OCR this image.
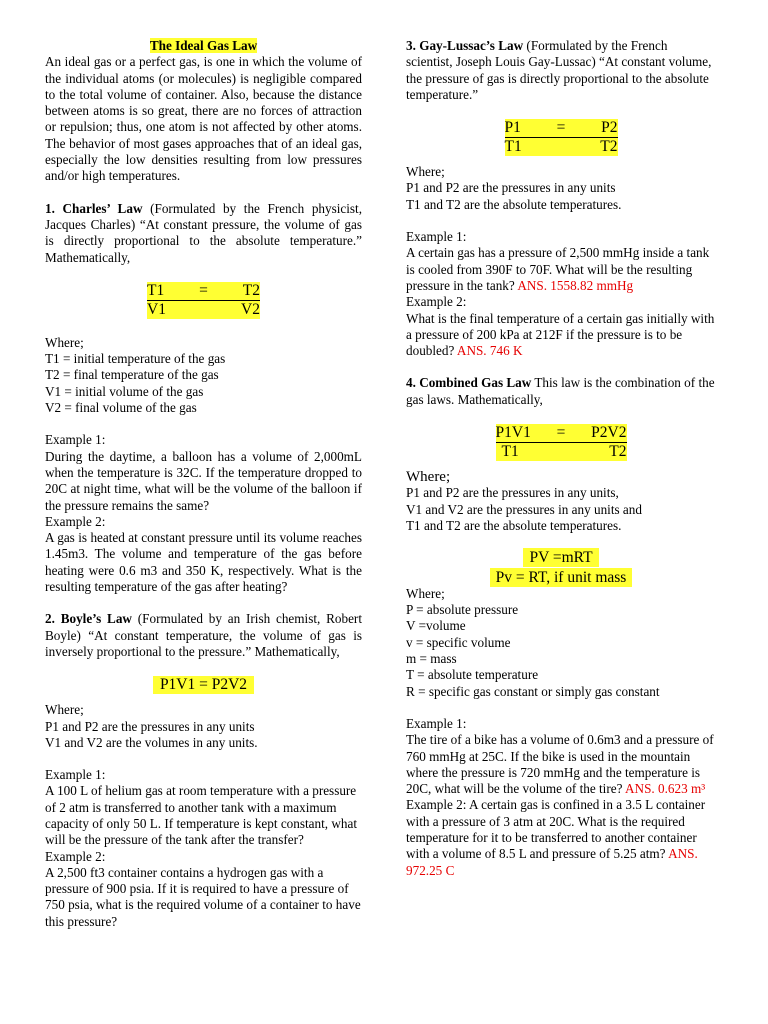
The Ideal Gas Law

An ideal gas or a perfect gas, is one in which the volume of the individual atoms (or molecules) is negligible compared to the total volume of container. Also, because the distance between atoms is so great, there are no forces of attraction or repulsion; thus, one atom is not affected by other atoms. The behavior of most gases approaches that of an ideal gas, especially the low densities resulting from low pressures and/or high temperatures.

1. Charles’ Law (Formulated by the French physicist, Jacques Charles) “At constant pressure, the volume of gas is directly proportional to the absolute temperature.” Mathematically,

T1	=	T2
V1	V2

Where;

T1 = initial temperature of the gas

T2 = final temperature of the gas

V1 = initial volume of the gas

V2 = final volume of the gas

Example 1:

During the daytime, a balloon has a volume of 2,000mL when the temperature is 32C. If the temperature dropped to 20C at night time, what will be the volume of the balloon if the pressure remains the same?

Example 2:

A gas is heated at constant pressure until its volume reaches 1.45m3. The volume and temperature of the gas before heating were 0.6 m3 and 350 K, respectively. What is the resulting temperature of the gas after heating?

2. Boyle’s Law (Formulated by an Irish chemist, Robert Boyle) “At constant temperature, the volume of gas is inversely proportional to the pressure.” Mathematically,

P1V1 = P2V2

Where;

P1 and P2 are the pressures in any units

V1 and V2 are the volumes in any units.

Example 1:

A 100 L of helium gas at room temperature with a pressure of 2 atm is transferred to another tank with a maximum capacity of only 50 L. If temperature is kept constant, what will be the pressure of the tank after the transfer?

Example 2:

A 2,500 ft3 container contains a hydrogen gas with a pressure of 900 psia. If it is required to have a pressure of 750 psia, what is the required volume of a container to have this pressure?

3. Gay-Lussac’s Law (Formulated by the French scientist, Joseph Louis Gay-Lussac) “At constant volume, the pressure of gas is directly proportional to the absolute temperature.”

P1	=	P2
T1	T2

Where;

P1 and P2 are the pressures in any units

T1 and T2 are the absolute temperatures.

Example 1:

A certain gas has a pressure of 2,500 mmHg inside a tank is cooled from 390F to 70F. What will be the resulting pressure in the tank? ANS. 1558.82 mmHg

Example 2:

What is the final temperature of a certain gas initially with a pressure of 200 kPa at 212F if the pressure is to be doubled? ANS. 746 K

4. Combined Gas Law This law is the combination of the gas laws. Mathematically,

P1V1	=	P2V2
T1	T2

Where;

P1 and P2 are the pressures in any units,

V1 and V2 are the pressures in any units and

T1 and T2 are the absolute temperatures.

PV =mRT
Pv = RT, if unit mass

Where;

P = absolute pressure

V =volume

v = specific volume

m = mass

T = absolute temperature

R = specific gas constant or simply gas constant

Example 1:

The tire of a bike has a volume of 0.6m3 and a pressure of 760 mmHg at 25C. If the bike is used in the mountain where the pressure is 720 mmHg and the temperature is 20C, what will be the volume of the tire? ANS. 0.623 m³

Example 2: A certain gas is confined in a 3.5 L container with a pressure of 3 atm at 20C. What is the required temperature for it to be transferred to another container with a volume of 8.5 L and pressure of 5.25 atm? ANS. 972.25 C
